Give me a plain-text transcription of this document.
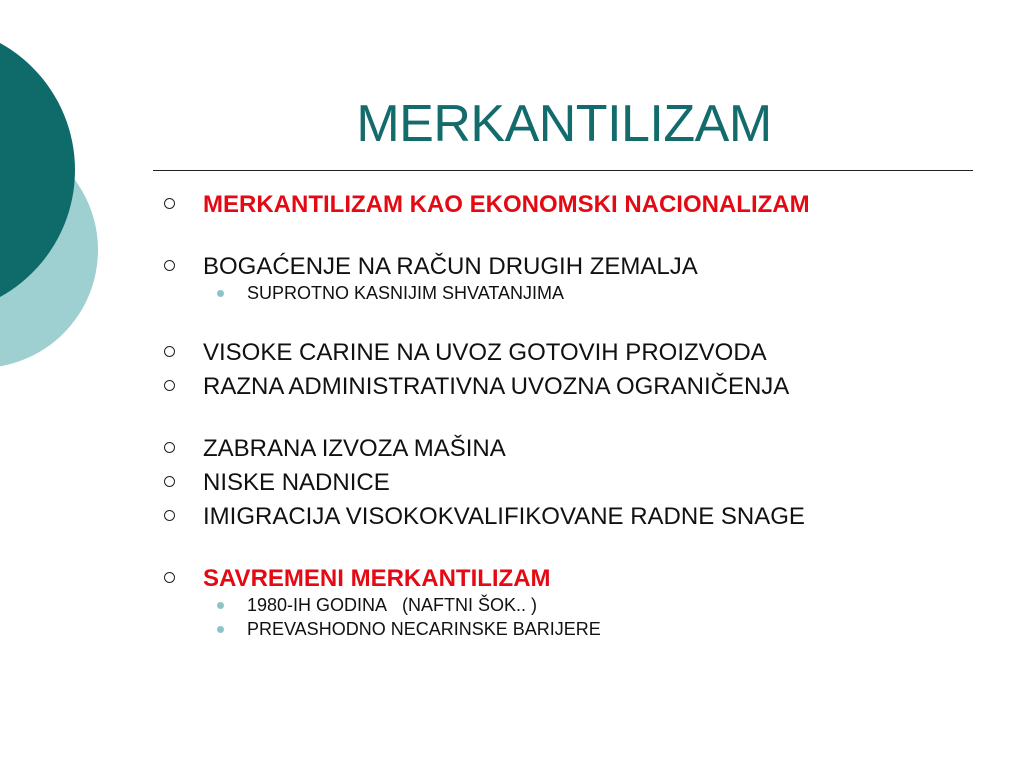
MERKANTILIZAM
MERKANTILIZAM KAO EKONOMSKI NACIONALIZAM
BOGAĆENJE NA RAČUN DRUGIH ZEMALJA
SUPROTNO KASNIJIM SHVATANJIMA
VISOKE CARINE NA UVOZ GOTOVIH PROIZVODA
RAZNA ADMINISTRATIVNA UVOZNA OGRANIČENJA
ZABRANA IZVOZA MAŠINA
NISKE NADNICE
IMIGRACIJA VISOKOKVALIFIKOVANE RADNE SNAGE
SAVREMENI MERKANTILIZAM
1980-IH GODINA   (NAFTNI ŠOK.. )
PREVASHODNO NECARINSKE BARIJERE
